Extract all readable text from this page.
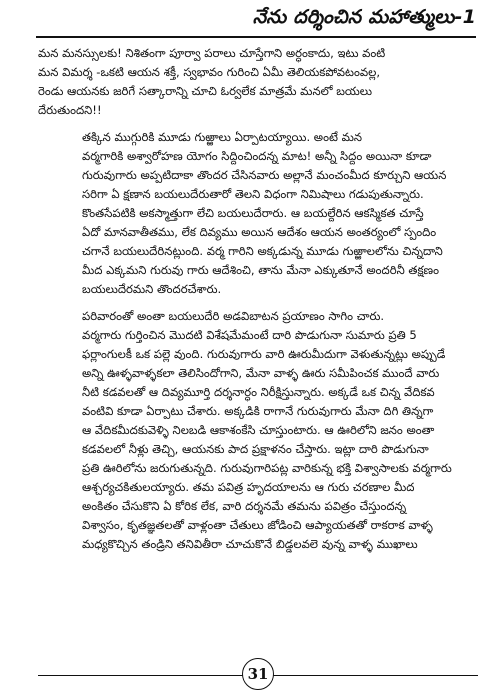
నేను దర్శించిన మహాత్ములు-1

మన మనస్సులకు! నిశితంగా పూర్వా పరాలు చూస్తేగాని అర్ధంకాదు, ఇటు వంటి
మన విమర్శ -ఒకటి ఆయన శక్తీ, స్వభావం గురించి ఏమీ తెలియకపోవటంవల్ల,
రెండు ఆయనకు జరిగే సత్కారాన్ని చూచి ఓర్వలేక మాత్రమే మనలో బయలు
దేరుతుందని!!

తక్కిన ముగ్గురికి మూడు గుఱ్ఱాలు ఏర్పాటయ్యాయి. అంటే మన
వర్మగారికి అశ్వారోహణ యోగం సిద్దించిందన్న మాట! అన్నీ సిద్దం అయినా కూడా
గురువుగారు అప్పటిదాకా తొందర చేసినవారు అల్లానే మంచంమీద కూర్చుని ఆయన
సరిగా ఏ క్షణాన బయలుదేరుతారో తెలని విధంగా నిమిషాలు గడుపుతున్నారు.
కొంతసేపటికి అకస్మాత్తుగా లేచి బయలుదేరారు. ఆ బయల్దేరిన ఆకస్మికత చూస్తే
ఏదో మానవాతీతము, లేక దివ్యము అయిన ఆదేశం ఆయన అంతర్యంలో స్పందిం
చగానే బయలుదేరినట్లుంది. వర్మ గారిని అక్కడున్న మూడు గుఱ్ఱాలలోను చిన్నదాని
మీద ఎక్కమని గురువు గారు ఆదేశించి, తాను మేనా ఎక్కుతూనే అందరినీ తక్షణం
బయలుదేరమని తొందరచేశారు.

పరివారంతో అంతా బయలుదేరి అడవిబాటన ప్రయాణం సాగిం చారు.
వర్మగారు గుర్తించిన మొదటి విశేషమేమంటే దారి పొడుగునా సుమారు ప్రతి 5
ఫర్లాంగులకీ ఒక పల్లె వుంది. గురువుగారు వారి ఊరుమీదుగా వెళుతున్నట్లు అప్పుడే
అన్ని ఊళ్ళవాళ్ళకలా తెలిసిందోగాని, మేనా వాళ్ళ ఊరు సమీపించక ముందే వారు
నీటి కడవలతో ఆ దివ్యమూర్తి దర్శనార్ధం నిరీక్షిస్తున్నారు. అక్కడే ఒక చిన్న వేదికవ
వంటివి కూడా ఏర్పాటు చేశారు. అక్కడికి రాగానే గురువుగారు మేనా దిగి తిన్నగా
ఆ వేదికమీదకువెళ్ళి నిలబడి ఆకాశంకేసి చూస్తుంటారు. ఆ ఊరిలోని జనం అంతా
కడవలలో నీళ్లు తెచ్చి, ఆయనకు పాద ప్రక్షాళనం చేస్తారు. ఇట్లా దారి పొడుగునా
ప్రతి ఊరిలోను జరుగుతున్నది. గురువుగారిపట్ల వారికున్న భక్తి విశ్వాసాలకు వర్మగారు
ఆశ్చర్యచకితులయ్యారు. తమ పవిత్ర హృదయాలను ఆ గురు చరణాల మీద
అంకితం చేసుకొని ఏ కోరిక లేక, వారి దర్శనమే తమను పవిత్రం చేస్తుందన్న
విశ్వాసం, కృతజ్ఞతలతో వాళ్లంతా చేతులు జోడించి ఆప్యాయతతో రాకరాక వాళ్ళ
మధ్యకొచ్చిన తండ్రిని తనివితీరా చూచుకొనే బిడ్డలవలె వున్న వాళ్ళ ముఖాలు

31
